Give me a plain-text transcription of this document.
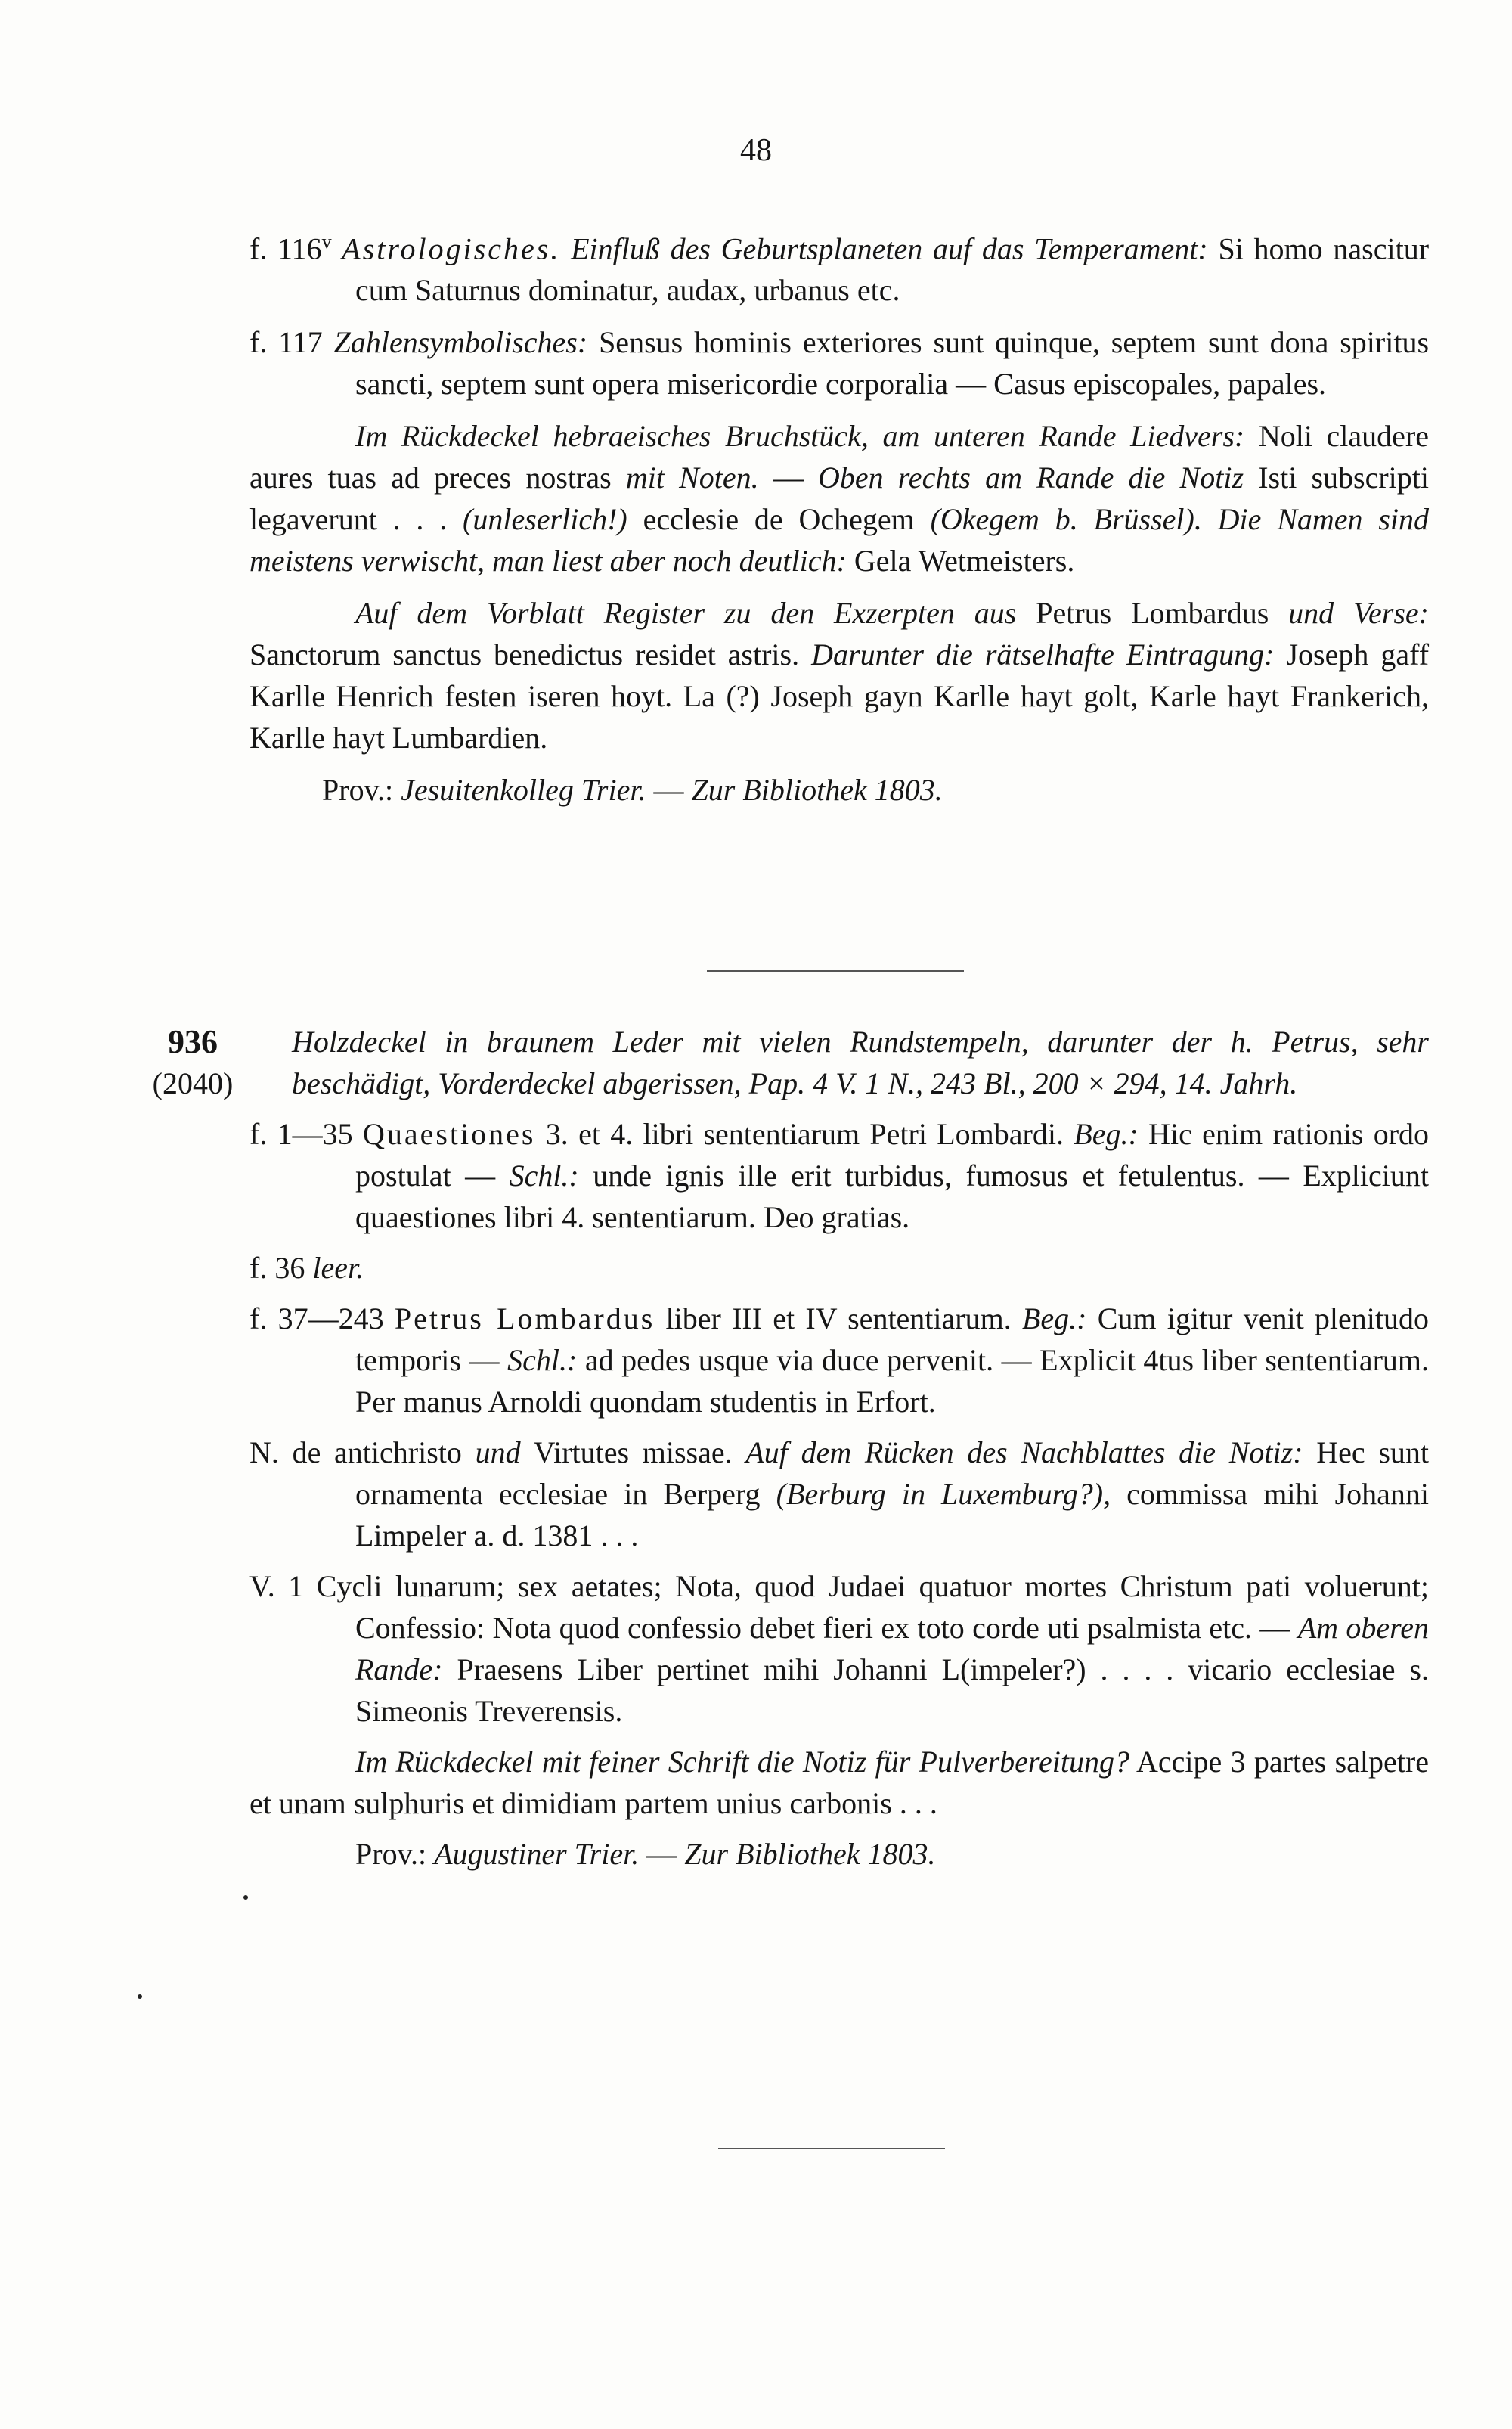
48

f. 116$^v$ Astrologisches. Einfluß des Geburtsplaneten auf das Temperament: Si homo nascitur cum Saturnus dominatur, audax, urbanus etc.

f. 117 Zahlensymbolisches: Sensus hominis exteriores sunt quinque, septem sunt dona spiritus sancti, septem sunt opera misericordie corporalia — Casus episcopales, papales.

Im Rückdeckel hebraeisches Bruchstück, am unteren Rande Liedvers: Noli claudere aures tuas ad preces nostras mit Noten. — Oben rechts am Rande die Notiz Isti subscripti legaverunt . . . (unleserlich!) ecclesie de Ochegem (Okegem b. Brüssel). Die Namen sind meistens verwischt, man liest aber noch deutlich: Gela Wetmeisters.

Auf dem Vorblatt Register zu den Exzerpten aus Petrus Lombardus und Verse: Sanctorum sanctus benedictus residet astris. Darunter die rätselhafte Eintragung: Joseph gaff Karlle Henrich festen iseren hoyt. La (?) Joseph gayn Karlle hayt golt, Karle hayt Frankerich, Karlle hayt Lumbardien.

Prov.: Jesuitenkolleg Trier. — Zur Bibliothek 1803.

936
(2040)

Holzdeckel in braunem Leder mit vielen Rundstempeln, darunter der h. Petrus, sehr beschädigt, Vorderdeckel abgerissen, Pap. 4 V. 1 N., 243 Bl., 200 × 294, 14. Jahrh.

f. 1—35 Quaestiones 3. et 4. libri sententiarum Petri Lombardi. Beg.: Hic enim rationis ordo postulat — Schl.: unde ignis ille erit turbidus, fumosus et fetulentus. — Expliciunt quaestiones libri 4. sententiarum. Deo gratias.

f. 36 leer.

f. 37—243 Petrus Lombardus liber III et IV sententiarum. Beg.: Cum igitur venit plenitudo temporis — Schl.: ad pedes usque via duce pervenit. — Explicit 4tus liber sententiarum. Per manus Arnoldi quondam studentis in Erfort.

N. de antichristo und Virtutes missae. Auf dem Rücken des Nachblattes die Notiz: Hec sunt ornamenta ecclesiae in Berperg (Berburg in Luxemburg?), commissa mihi Johanni Limpeler a. d. 1381 . . .

V. 1 Cycli lunarum; sex aetates; Nota, quod Judaei quatuor mortes Christum pati voluerunt; Confessio: Nota quod confessio debet fieri ex toto corde uti psalmista etc. — Am oberen Rande: Praesens Liber pertinet mihi Johanni L(impeler?) . . . . vicario ecclesiae s. Simeonis Treverensis.

Im Rückdeckel mit feiner Schrift die Notiz für Pulverbereitung? Accipe 3 partes salpetre et unam sulphuris et dimidiam partem unius carbonis . . .

Prov.: Augustiner Trier. — Zur Bibliothek 1803.
